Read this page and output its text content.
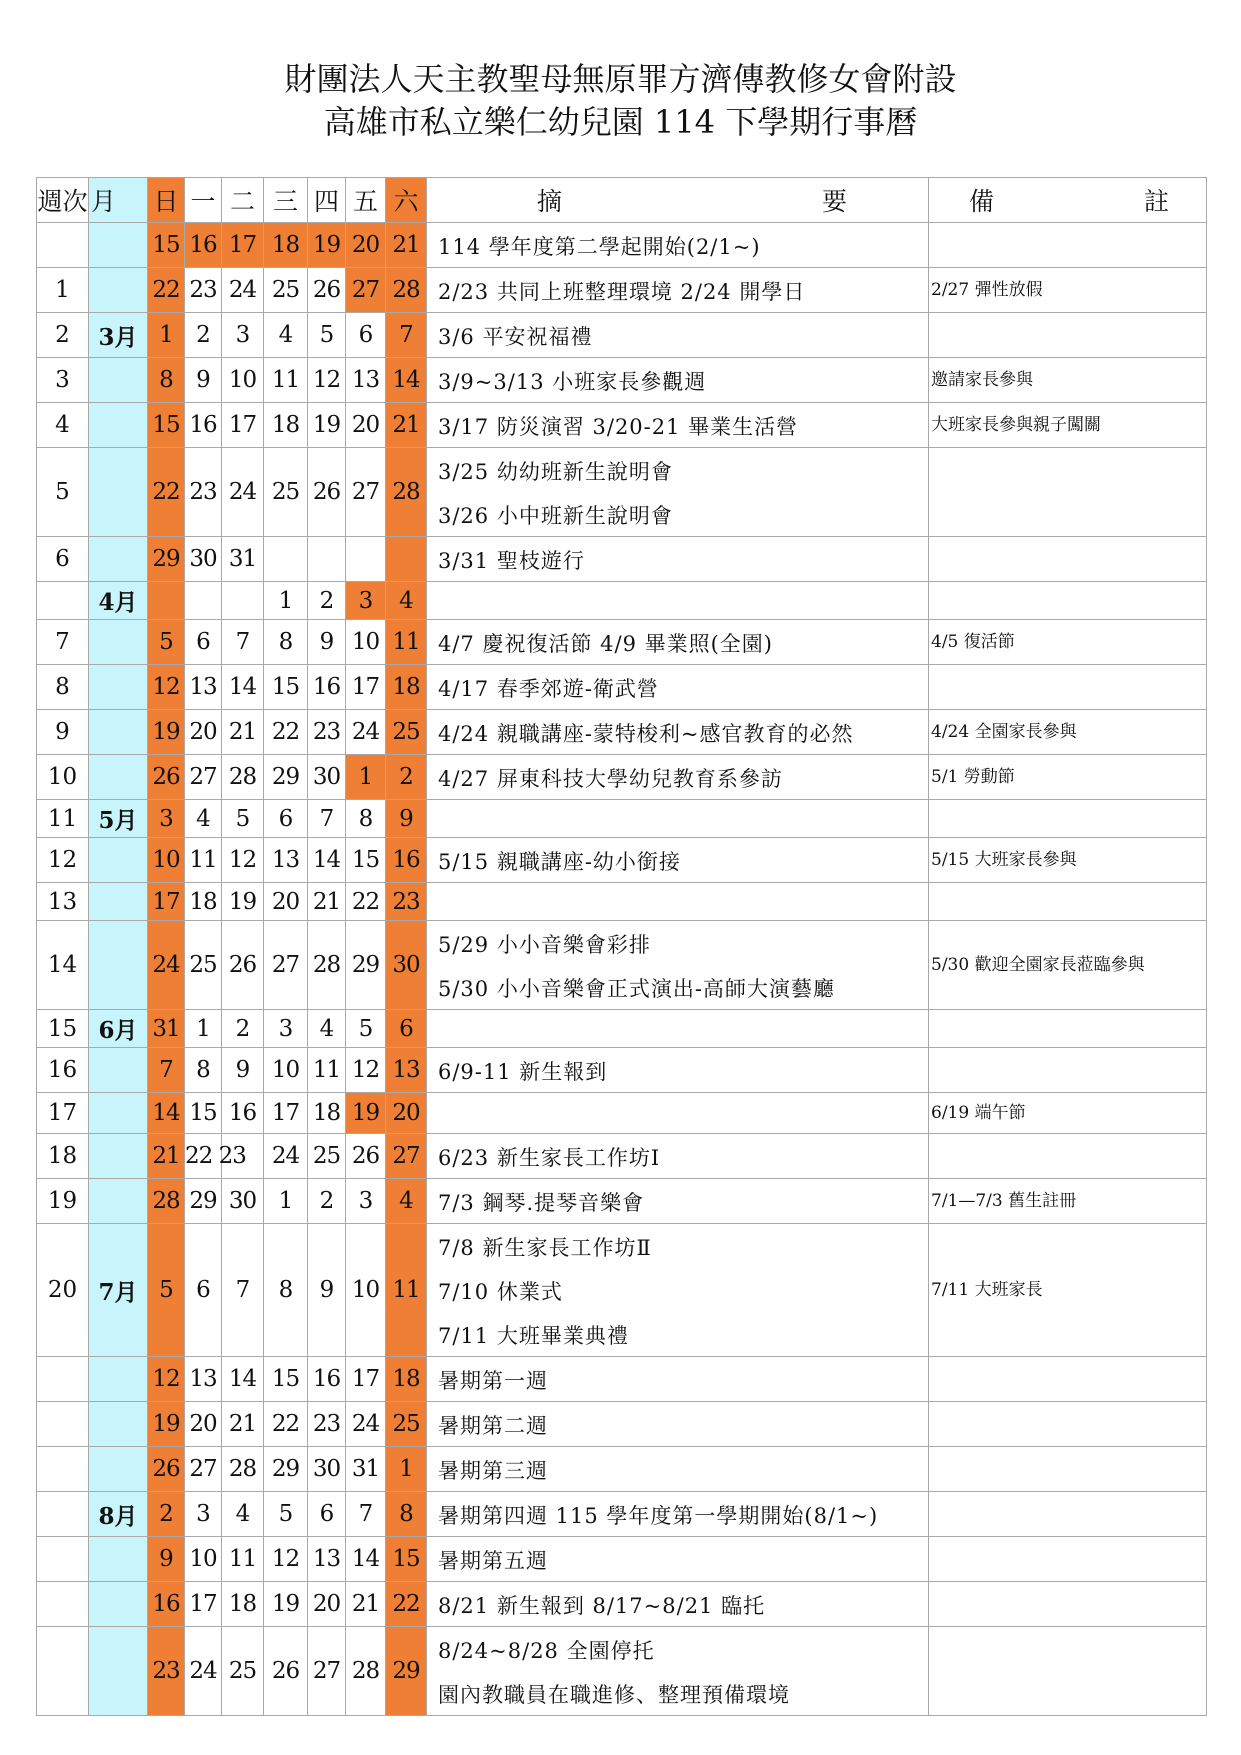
財團法人天主教聖母無原罪方濟傳教修女會附設
高雄市私立樂仁幼兒園 114 下學期行事曆
週次	月	日	一	二	三	四	五	六	摘 要	備 註
		15	16	17	18	19	20	21	114 學年度第二學起開始(2/1~)	

1		22	23	24	25	26	27	28	2/23 共同上班整理環境 2/24 開學日	2/27 彈性放假

2	3月	1	2	3	4	5	6	7	3/6 平安祝福禮	

3		8	9	10	11	12	13	14	3/9~3/13 小班家長參觀週	邀請家長參與

4		15	16	17	18	19	20	21	3/17 防災演習 3/20-21 畢業生活營	大班家長參與親子闖關

5		22	23	24	25	26	27	28	3/25 幼幼班新生說明會
3/26 小中班新生說明會	

6		29	30	31					3/31 聖枝遊行	

	4月				1	2	3	4	

7		5	6	7	8	9	10	11	4/7 慶祝復活節 4/9 畢業照(全園)	4/5 復活節

8		12	13	14	15	16	17	18	4/17 春季郊遊-衛武營	

9		19	20	21	22	23	24	25	4/24 親職講座-蒙特梭利~感官教育的必然	4/24 全園家長參與

10		26	27	28	29	30	1	2	4/27 屏東科技大學幼兒教育系參訪	5/1 勞動節

11	5月	3	4	5	6	7	8	9	

12		10	11	12	13	14	15	16	5/15 親職講座-幼小銜接	5/15 大班家長參與

13		17	18	19	20	21	22	23	

14		24	25	26	27	28	29	30	5/29 小小音樂會彩排
5/30 小小音樂會正式演出-高師大演藝廳	5/30 歡迎全園家長蒞臨參與

15	6月	31	1	2	3	4	5	6	

16		7	8	9	10	11	12	13	6/9-11 新生報到	

17		14	15	16	17	18	19	20		6/19 端午節

18		21	22 23		24	25	26	27	6/23 新生家長工作坊Ⅰ	

19		28	29	30	1	2	3	4	7/3 鋼琴.提琴音樂會	7/1—7/3 舊生註冊

20	7月	5	6	7	8	9	10	11	7/8 新生家長工作坊Ⅱ
7/10 休業式
7/11 大班畢業典禮	7/11 大班家長

		12	13	14	15	16	17	18	暑期第一週	

		19	20	21	22	23	24	25	暑期第二週	

		26	27	28	29	30	31	1	暑期第三週	

	8月	2	3	4	5	6	7	8	暑期第四週 115 學年度第一學期開始(8/1~)	

		9	10	11	12	13	14	15	暑期第五週	

		16	17	18	19	20	21	22	8/21 新生報到 8/17~8/21 臨托	

		23	24	25	26	27	28	29	8/24~8/28 全園停托
園內教職員在職進修、整理預備環境	
